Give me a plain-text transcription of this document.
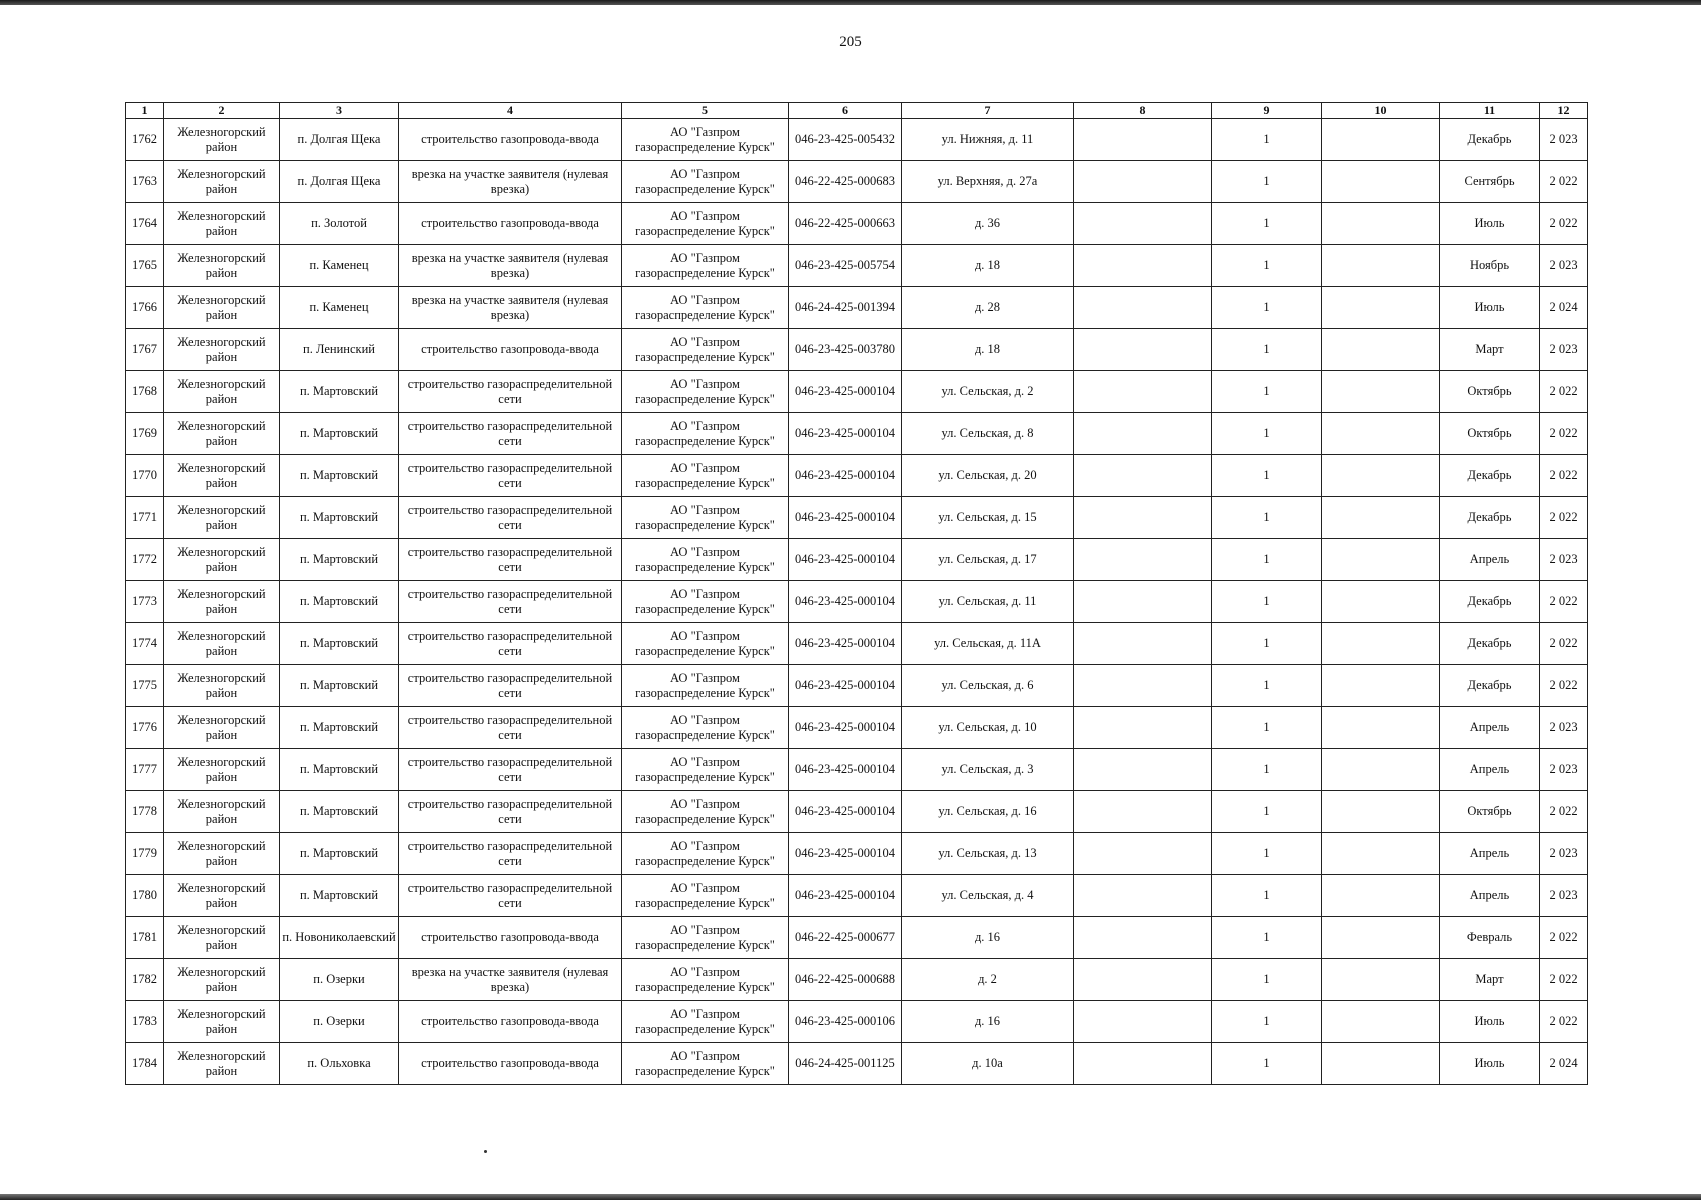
205
1	2	3	4	5	6	7	8	9	10	11	12
1762	Железногорский район	п. Долгая Щека	строительство газопровода-ввода	АО "Газпром газораспределение Курск"	046-23-425-005432	ул. Нижняя, д. 11		1		Декабрь	2 023
1763	Железногорский район	п. Долгая Щека	врезка на участке заявителя (нулевая врезка)	АО "Газпром газораспределение Курск"	046-22-425-000683	ул. Верхняя, д. 27а		1		Сентябрь	2 022
1764	Железногорский район	п. Золотой	строительство газопровода-ввода	АО "Газпром газораспределение Курск"	046-22-425-000663	д. 36		1		Июль	2 022
1765	Железногорский район	п. Каменец	врезка на участке заявителя (нулевая врезка)	АО "Газпром газораспределение Курск"	046-23-425-005754	д. 18		1		Ноябрь	2 023
1766	Железногорский район	п. Каменец	врезка на участке заявителя (нулевая врезка)	АО "Газпром газораспределение Курск"	046-24-425-001394	д. 28		1		Июль	2 024
1767	Железногорский район	п. Ленинский	строительство газопровода-ввода	АО "Газпром газораспределение Курск"	046-23-425-003780	д. 18		1		Март	2 023
1768	Железногорский район	п. Мартовский	строительство газораспределительной сети	АО "Газпром газораспределение Курск"	046-23-425-000104	ул. Сельская, д. 2		1		Октябрь	2 022
1769	Железногорский район	п. Мартовский	строительство газораспределительной сети	АО "Газпром газораспределение Курск"	046-23-425-000104	ул. Сельская, д. 8		1		Октябрь	2 022
1770	Железногорский район	п. Мартовский	строительство газораспределительной сети	АО "Газпром газораспределение Курск"	046-23-425-000104	ул. Сельская, д. 20		1		Декабрь	2 022
1771	Железногорский район	п. Мартовский	строительство газораспределительной сети	АО "Газпром газораспределение Курск"	046-23-425-000104	ул. Сельская, д. 15		1		Декабрь	2 022
1772	Железногорский район	п. Мартовский	строительство газораспределительной сети	АО "Газпром газораспределение Курск"	046-23-425-000104	ул. Сельская, д. 17		1		Апрель	2 023
1773	Железногорский район	п. Мартовский	строительство газораспределительной сети	АО "Газпром газораспределение Курск"	046-23-425-000104	ул. Сельская, д. 11		1		Декабрь	2 022
1774	Железногорский район	п. Мартовский	строительство газораспределительной сети	АО "Газпром газораспределение Курск"	046-23-425-000104	ул. Сельская, д. 11А		1		Декабрь	2 022
1775	Железногорский район	п. Мартовский	строительство газораспределительной сети	АО "Газпром газораспределение Курск"	046-23-425-000104	ул. Сельская, д. 6		1		Декабрь	2 022
1776	Железногорский район	п. Мартовский	строительство газораспределительной сети	АО "Газпром газораспределение Курск"	046-23-425-000104	ул. Сельская, д. 10		1		Апрель	2 023
1777	Железногорский район	п. Мартовский	строительство газораспределительной сети	АО "Газпром газораспределение Курск"	046-23-425-000104	ул. Сельская, д. 3		1		Апрель	2 023
1778	Железногорский район	п. Мартовский	строительство газораспределительной сети	АО "Газпром газораспределение Курск"	046-23-425-000104	ул. Сельская, д. 16		1		Октябрь	2 022
1779	Железногорский район	п. Мартовский	строительство газораспределительной сети	АО "Газпром газораспределение Курск"	046-23-425-000104	ул. Сельская, д. 13		1		Апрель	2 023
1780	Железногорский район	п. Мартовский	строительство газораспределительной сети	АО "Газпром газораспределение Курск"	046-23-425-000104	ул. Сельская, д. 4		1		Апрель	2 023
1781	Железногорский район	п. Новониколаевский	строительство газопровода-ввода	АО "Газпром газораспределение Курск"	046-22-425-000677	д. 16		1		Февраль	2 022
1782	Железногорский район	п. Озерки	врезка на участке заявителя (нулевая врезка)	АО "Газпром газораспределение Курск"	046-22-425-000688	д. 2		1		Март	2 022
1783	Железногорский район	п. Озерки	строительство газопровода-ввода	АО "Газпром газораспределение Курск"	046-23-425-000106	д. 16		1		Июль	2 022
1784	Железногорский район	п. Ольховка	строительство газопровода-ввода	АО "Газпром газораспределение Курск"	046-24-425-001125	д. 10а		1		Июль	2 024
